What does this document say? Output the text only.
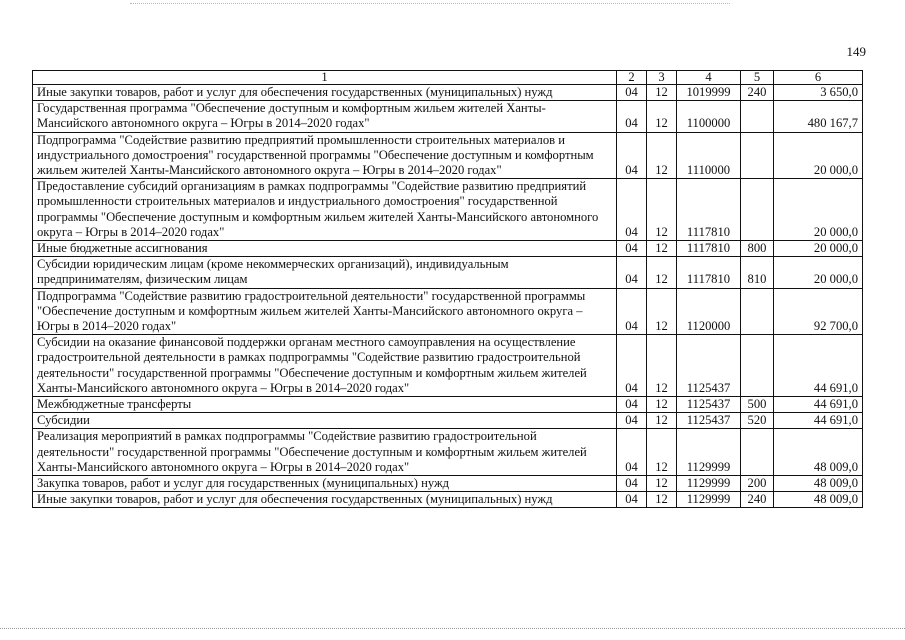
149
1	2	3	4	5	6
Иные закупки товаров, работ и услуг для обеспечения государственных (муниципальных) нужд	04	12	1019999	240	3 650,0
Государственная программа "Обеспечение доступным и комфортным жильем жителей Ханты-Мансийского автономного округа – Югры в 2014–2020 годах"	04	12	1100000		480 167,7
Подпрограмма "Содействие развитию предприятий промышленности строительных материалов и индустриального домостроения" государственной программы "Обеспечение доступным и комфортным жильем жителей Ханты-Мансийского автономного округа – Югры в 2014–2020 годах"	04	12	1110000		20 000,0
Предоставление субсидий организациям в рамках подпрограммы "Содействие развитию предприятий промышленности строительных материалов и индустриального домостроения" государственной программы "Обеспечение доступным и комфортным жильем жителей Ханты-Мансийского автономного округа – Югры в 2014–2020 годах"	04	12	1117810		20 000,0
Иные бюджетные ассигнования	04	12	1117810	800	20 000,0
Субсидии юридическим лицам (кроме некоммерческих организаций), индивидуальным предпринимателям, физическим лицам	04	12	1117810	810	20 000,0
Подпрограмма "Содействие развитию градостроительной деятельности" государственной программы "Обеспечение доступным и комфортным жильем жителей Ханты-Мансийского автономного округа – Югры в 2014–2020 годах"	04	12	1120000		92 700,0
Субсидии на оказание финансовой поддержки органам местного самоуправления на осуществление градостроительной деятельности в рамках подпрограммы "Содействие развитию градостроительной деятельности" государственной программы "Обеспечение доступным и комфортным жильем жителей Ханты-Мансийского автономного округа – Югры в 2014–2020 годах"	04	12	1125437		44 691,0
Межбюджетные трансферты	04	12	1125437	500	44 691,0
Субсидии	04	12	1125437	520	44 691,0
Реализация мероприятий в рамках подпрограммы "Содействие развитию градостроительной деятельности" государственной программы "Обеспечение доступным и комфортным жильем жителей Ханты-Мансийского автономного округа – Югры в 2014–2020 годах"	04	12	1129999		48 009,0
Закупка товаров, работ и услуг для государственных (муниципальных) нужд	04	12	1129999	200	48 009,0
Иные закупки товаров, работ и услуг для обеспечения государственных (муниципальных) нужд	04	12	1129999	240	48 009,0
